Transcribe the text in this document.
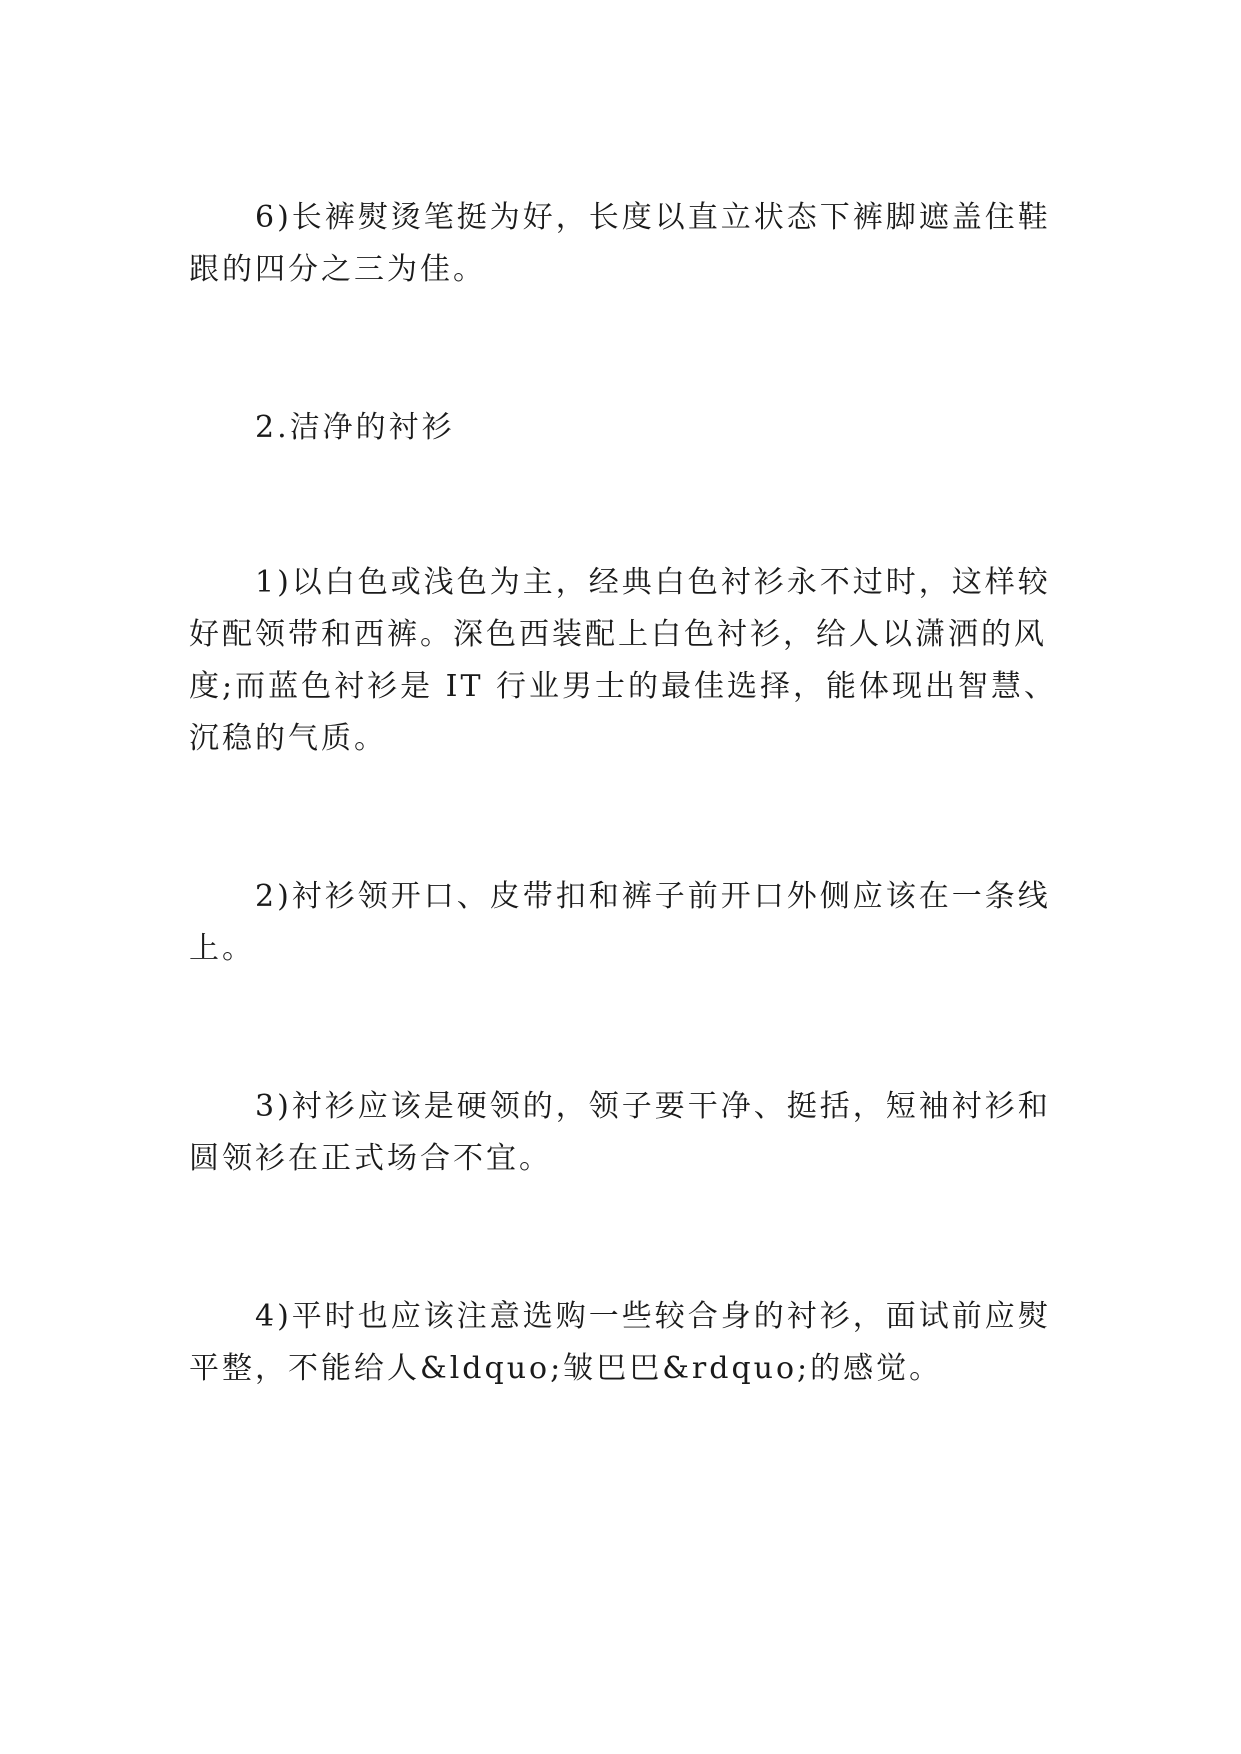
6)长裤熨烫笔挺为好，长度以直立状态下裤脚遮盖住鞋跟的四分之三为佳。

2.洁净的衬衫

1)以白色或浅色为主，经典白色衬衫永不过时，这样较好配领带和西裤。深色西装配上白色衬衫，给人以潇洒的风度;而蓝色衬衫是 IT 行业男士的最佳选择，能体现出智慧、沉稳的气质。

2)衬衫领开口、皮带扣和裤子前开口外侧应该在一条线上。

3)衬衫应该是硬领的，领子要干净、挺括，短袖衬衫和圆领衫在正式场合不宜。

4)平时也应该注意选购一些较合身的衬衫，面试前应熨平整，不能给人&ldquo;皱巴巴&rdquo;的感觉。
